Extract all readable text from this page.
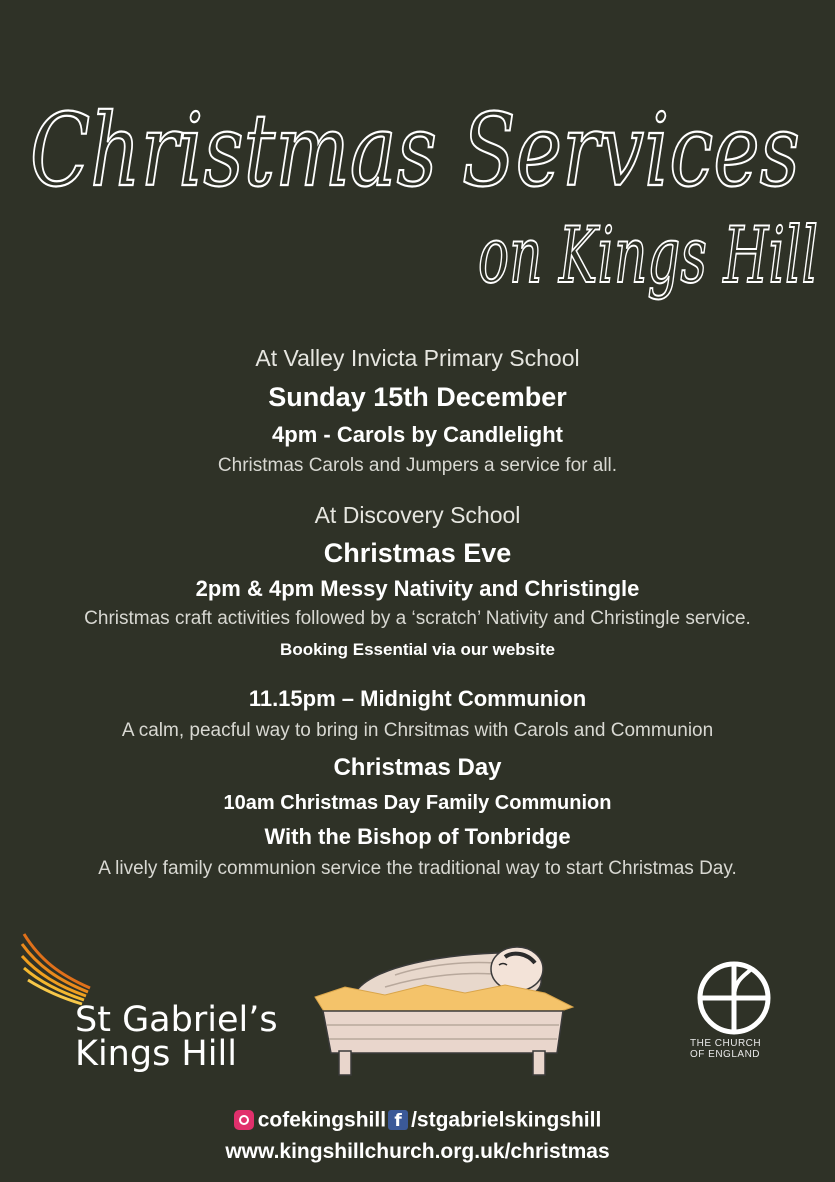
Christmas Services
on Kings Hill
At Valley Invicta Primary School
Sunday 15th December
4pm - Carols by Candlelight
Christmas Carols and Jumpers a service for all.
At Discovery School
Christmas Eve
2pm & 4pm Messy Nativity and Christingle
Christmas craft activities followed by a ‘scratch’ Nativity and Christingle service.
Booking Essential via our website
11.15pm – Midnight Communion
A calm, peacful way to bring in Chrsitmas with Carols and Communion
Christmas Day
10am Christmas Day Family Communion
With the Bishop of Tonbridge
A lively family communion service the traditional way to start Christmas Day.
St Gabriel’s
Kings Hill	THE CHURCH
OF ENGLAND
cofekingshill f /stgabrielskingshill
www.kingshillchurch.org.uk/christmas
